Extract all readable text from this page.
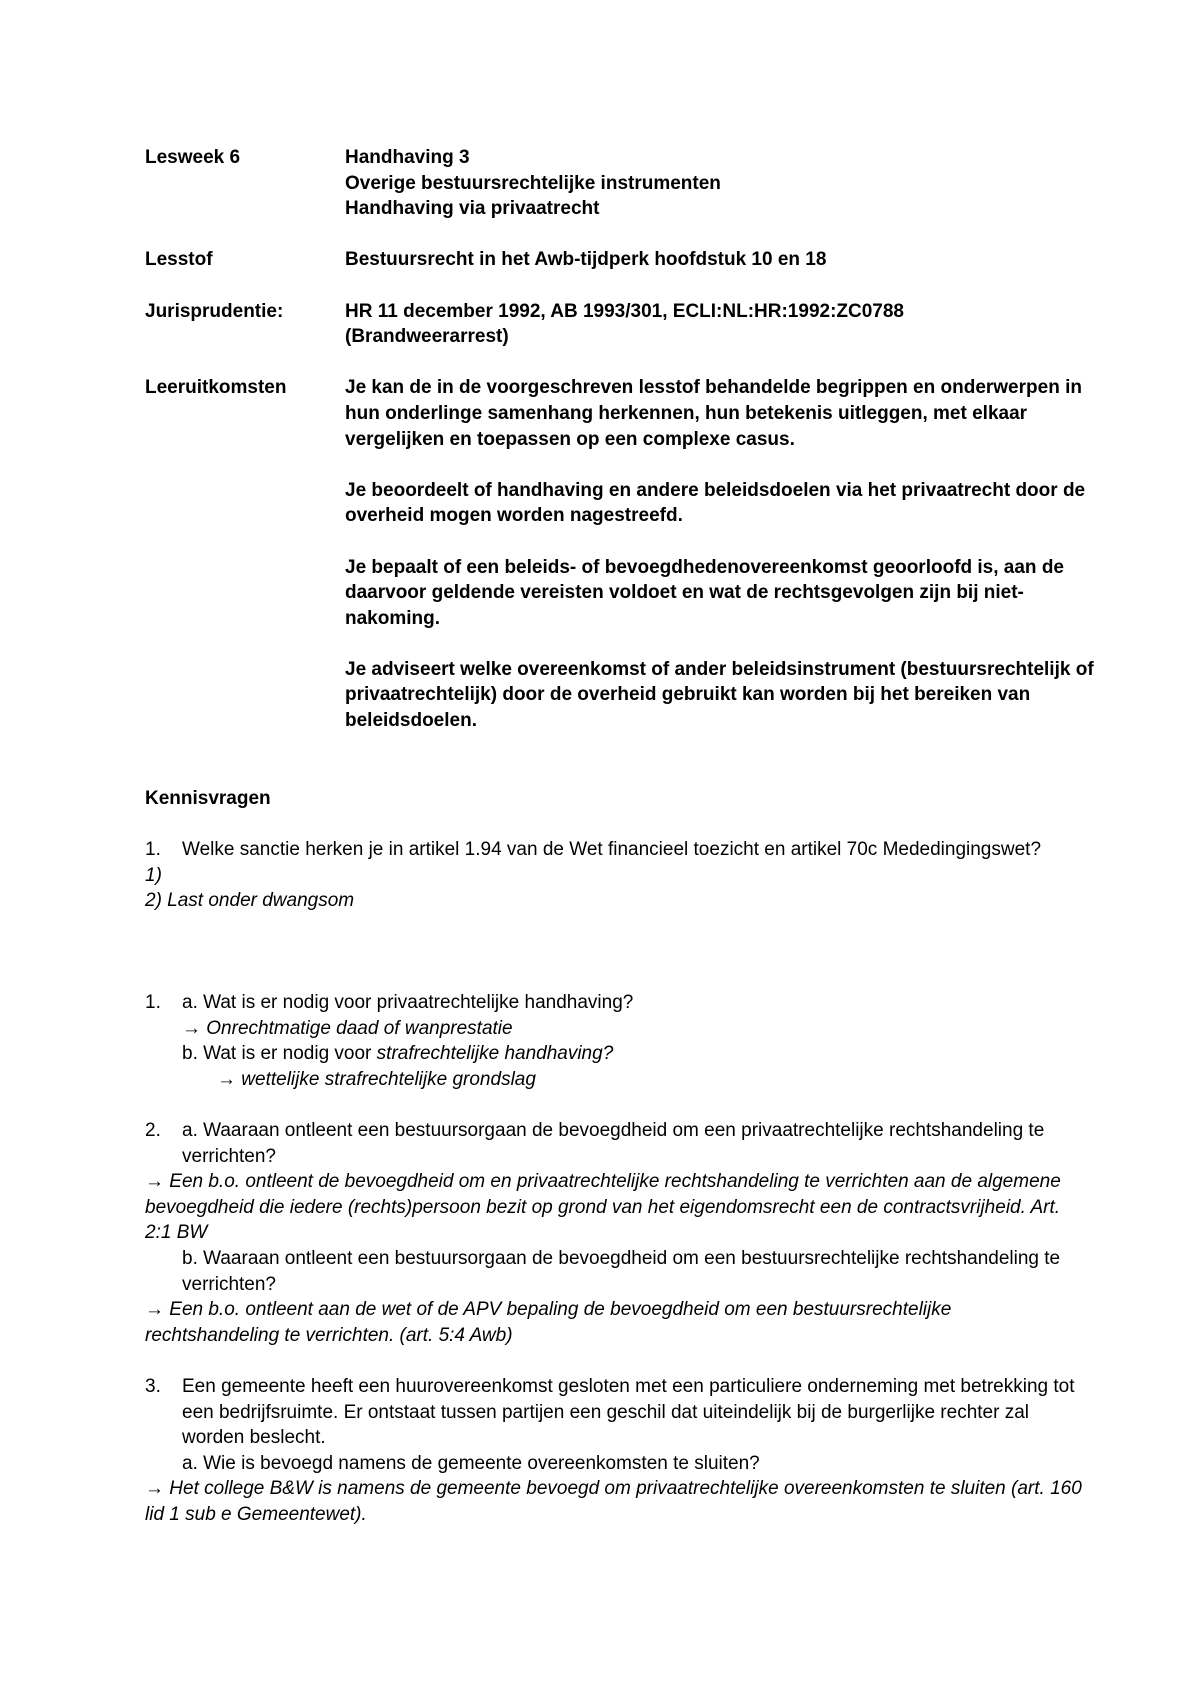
Lesweek 6	Handhaving 3
Overige bestuursrechtelijke instrumenten
Handhaving via privaatrecht
Lesstof	Bestuursrecht in het Awb-tijdperk hoofdstuk 10 en 18
Jurisprudentie:	HR 11 december 1992, AB 1993/301, ECLI:NL:HR:1992:ZC0788
(Brandweerarrest)
Leeruitkomsten	Je kan de in de voorgeschreven lesstof behandelde begrippen en onderwerpen in hun onderlinge samenhang herkennen, hun betekenis uitleggen, met elkaar vergelijken en toepassen op een complexe casus.

Je beoordeelt of handhaving en andere beleidsdoelen via het privaatrecht door de overheid mogen worden nagestreefd.

Je bepaalt of een beleids- of bevoegdhedenovereenkomst geoorloofd is, aan de daarvoor geldende vereisten voldoet en wat de rechtsgevolgen zijn bij niet-nakoming.

Je adviseert welke overeenkomst of ander beleidsinstrument (bestuursrechtelijk of privaatrechtelijk) door de overheid gebruikt kan worden bij het bereiken van beleidsdoelen.

Kennisvragen
1.	Welke sanctie herken je in artikel 1.94 van de Wet financieel toezicht en artikel 70c Mededingingswet?
1)
2) Last onder dwangsom
1.	a. Wat is er nodig voor privaatrechtelijke handhaving?
→ Onrechtmatige daad of wanprestatie
b. Wat is er nodig voor strafrechtelijke handhaving?
→ wettelijke strafrechtelijke grondslag
2.	a. Waaraan ontleent een bestuursorgaan de bevoegdheid om een privaatrechtelijke rechtshandeling te verrichten?
→ Een b.o. ontleent de bevoegdheid om en privaatrechtelijke rechtshandeling te verrichten aan de algemene bevoegdheid die iedere (rechts)persoon bezit op grond van het eigendomsrecht een de contractsvrijheid. Art. 2:1 BW
b. Waaraan ontleent een bestuursorgaan de bevoegdheid om een bestuursrechtelijke rechtshandeling te verrichten?
→ Een b.o. ontleent aan de wet of de APV bepaling de bevoegdheid om een bestuursrechtelijke rechtshandeling te verrichten. (art. 5:4 Awb)
3.	Een gemeente heeft een huurovereenkomst gesloten met een particuliere onderneming met betrekking tot een bedrijfsruimte. Er ontstaat tussen partijen een geschil dat uiteindelijk bij de burgerlijke rechter zal worden beslecht.
a. Wie is bevoegd namens de gemeente overeenkomsten te sluiten?
→ Het college B&W is namens de gemeente bevoegd om privaatrechtelijke overeenkomsten te sluiten (art. 160 lid 1 sub e Gemeentewet).
